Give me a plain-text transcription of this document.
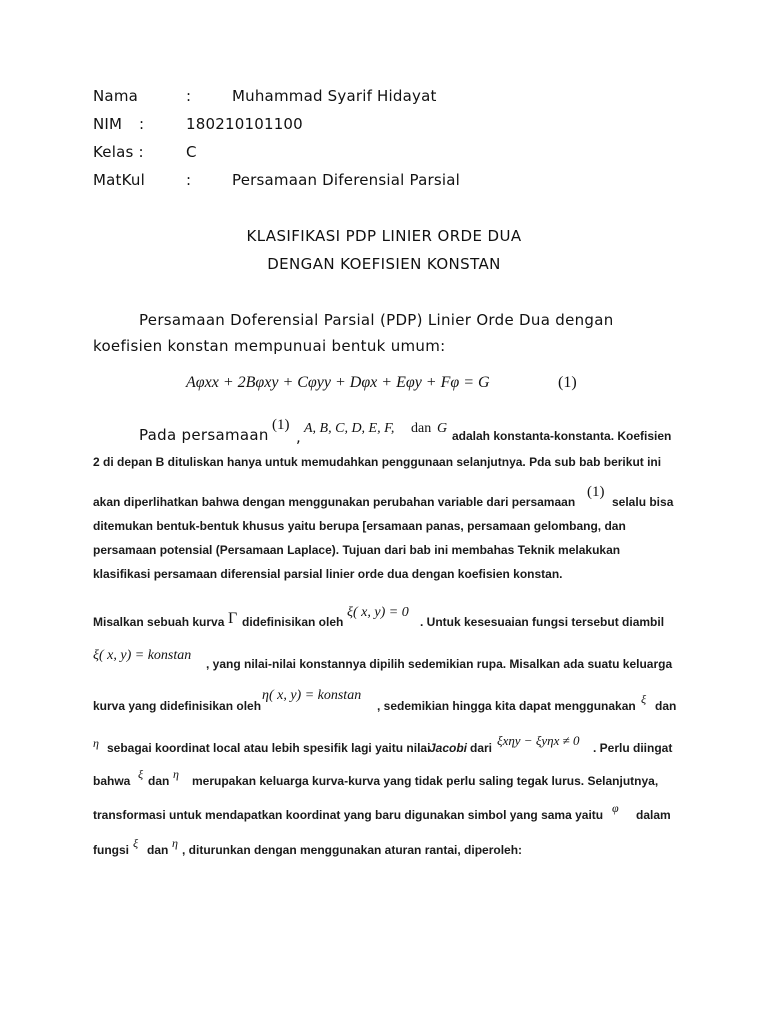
Nama	:	Muhammad Syarif Hidayat
NIM :	180210101100
Kelas :	C
MatKul	:	Persamaan Diferensial Parsial
KLASIFIKASI PDP LINIER ORDE DUA
DENGAN KOEFISIEN KONSTAN
Persamaan Doferensial Parsial (PDP) Linier Orde Dua dengan
koefisien konstan mempunuai bentuk umum:
Aφxx + 2Bφxy + Cφyy + Dφx + Eφy + Fφ = G	(1)
Pada persamaan
(1)
, A, B, C, D, E, F, dan G adalah konstanta-konstanta. Koefisien
2 di depan B dituliskan hanya untuk memudahkan penggunaan selanjutnya. Pda sub bab berikut ini
akan diperlihatkan bahwa dengan menggunakan perubahan variable dari persamaan
(1)
selalu bisa
ditemukan bentuk-bentuk khusus yaitu berupa [ersamaan panas, persamaan gelombang, dan
persamaan potensial (Persamaan Laplace). Tujuan dari bab ini membahas Teknik melakukan
klasifikasi persamaan diferensial parsial linier orde dua dengan koefisien konstan.
Misalkan sebuah kurva Γ didefinisikan oleh
ξ( x, y) = 0
. Untuk kesesuaian fungsi tersebut diambil
ξ( x, y) = konstan
, yang nilai-nilai konstannya dipilih sedemikian rupa. Misalkan ada suatu keluarga
kurva yang didefinisikan oleh
η( x, y) = konstan
, sedemikian hingga kita dapat menggunakan ξ dan
η sebagai koordinat local atau lebih spesifik lagi yaitu nilai
Jacobi dari ξxηy − ξyηx ≠ 0 . Perlu diingat
bahwa ξ dan η merupakan keluarga kurva-kurva yang tidak perlu saling tegak lurus. Selanjutnya,
transformasi untuk mendapatkan koordinat yang baru digunakan simbol yang sama yaitu φ dalam
fungsi ξ dan η , diturunkan dengan menggunakan aturan rantai, diperoleh:
